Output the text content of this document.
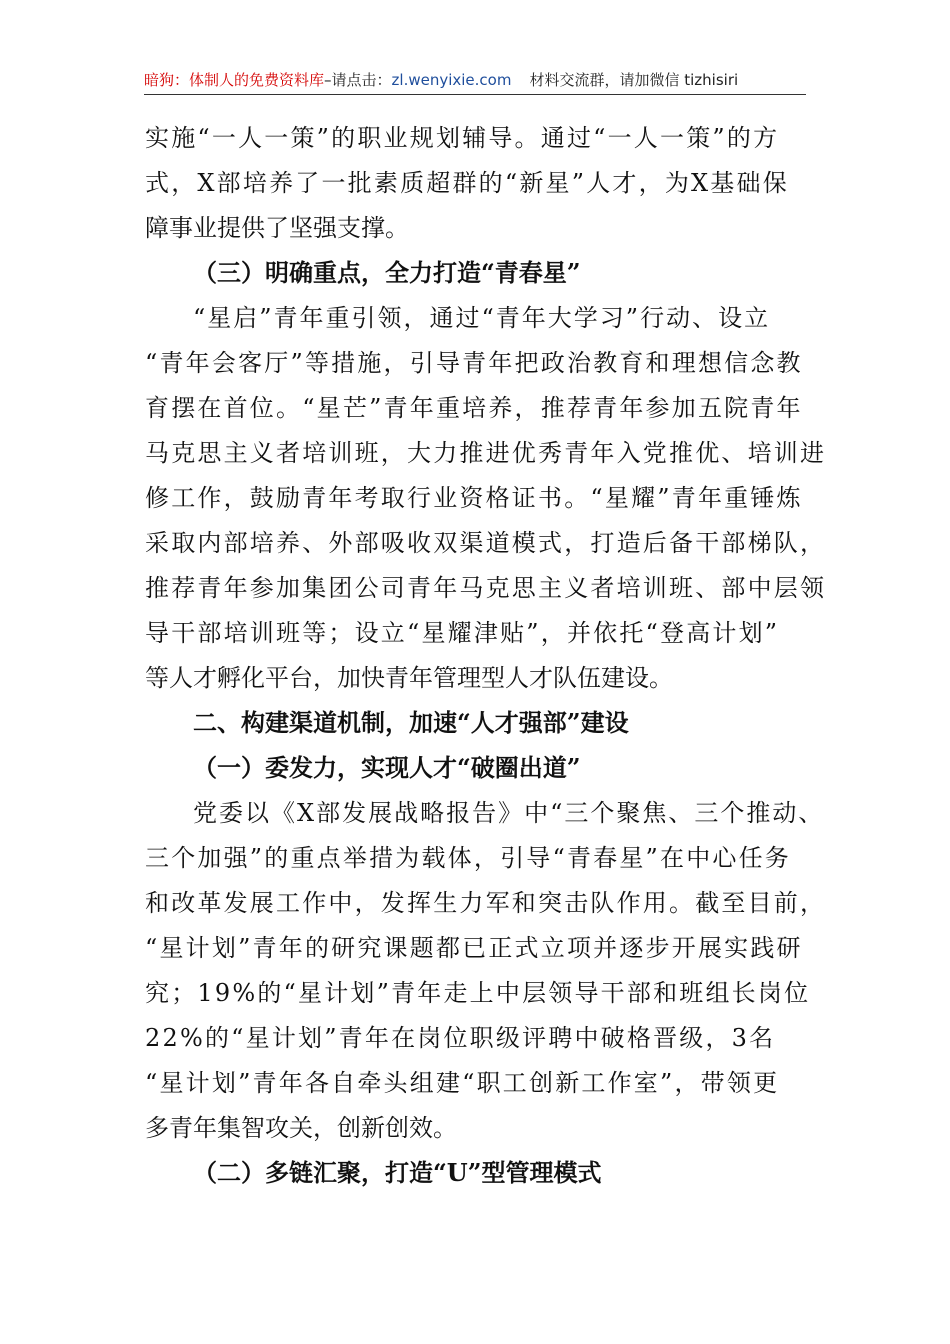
暗狗：体制人的免费资料库–请点击：zl.wenyixie.com 材料交流群，请加微信 tizhisiri
实施“一人一策”的职业规划辅导。通过“一人一策”的方
式，X部培养了一批素质超群的“新星”人才，为X基础保
障事业提供了坚强支撑。
（三）明确重点，全力打造“青春星”
“星启”青年重引领，通过“青年大学习”行动、设立
“青年会客厅”等措施，引导青年把政治教育和理想信念教
育摆在首位。“星芒”青年重培养，推荐青年参加五院青年
马克思主义者培训班，大力推进优秀青年入党推优、培训进
修工作，鼓励青年考取行业资格证书。“星耀”青年重锤炼
采取内部培养、外部吸收双渠道模式，打造后备干部梯队，
推荐青年参加集团公司青年马克思主义者培训班、部中层领
导干部培训班等；设立“星耀津贴”，并依托“登高计划”
等人才孵化平台，加快青年管理型人才队伍建设。
二、构建渠道机制，加速“人才强部”建设
（一）委发力，实现人才“破圈出道”
党委以《X部发展战略报告》中“三个聚焦、三个推动、
三个加强”的重点举措为载体，引导“青春星”在中心任务
和改革发展工作中，发挥生力军和突击队作用。截至目前，
“星计划”青年的研究课题都已正式立项并逐步开展实践研
究；19%的“星计划”青年走上中层领导干部和班组长岗位
22%的“星计划”青年在岗位职级评聘中破格晋级，3名
“星计划”青年各自牵头组建“职工创新工作室”，带领更
多青年集智攻关，创新创效。
（二）多链汇聚，打造“U”型管理模式
